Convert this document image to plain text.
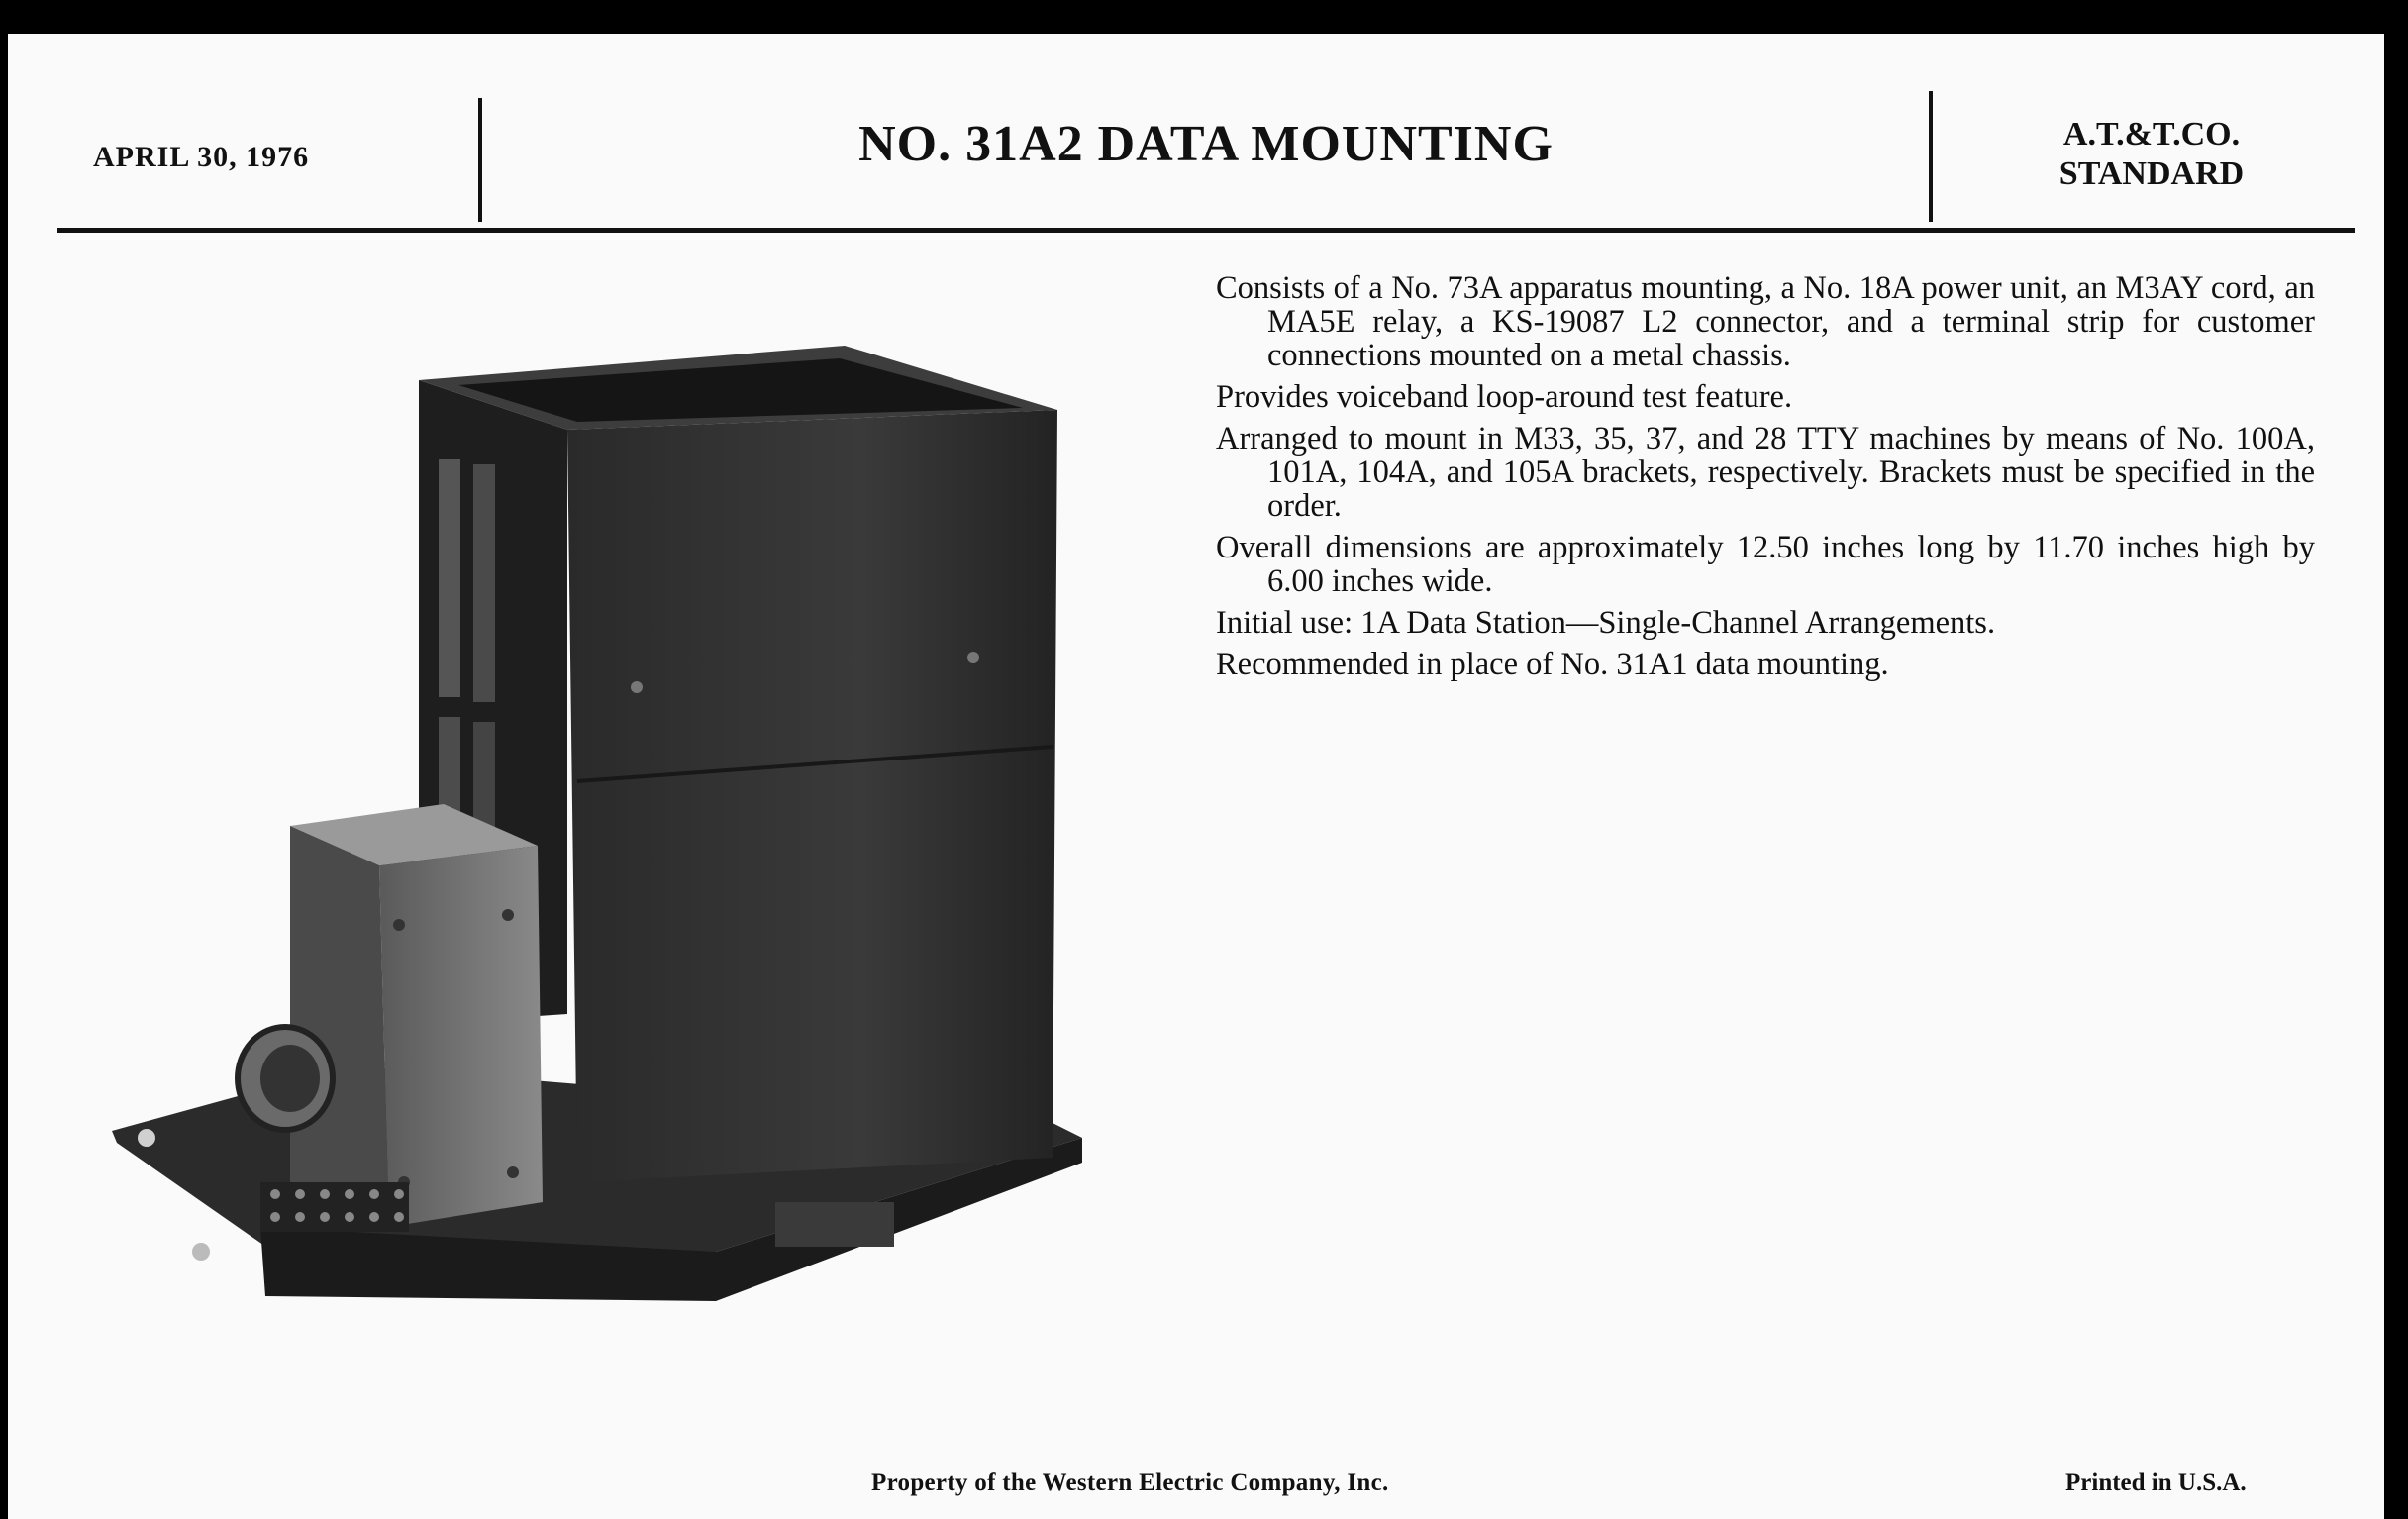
APRIL 30, 1976	NO. 31A2 DATA MOUNTING	A.T.&T.CO.
STANDARD

Consists of a No. 73A apparatus mounting, a No. 18A power unit, an M3AY cord, an MA5E relay, a KS-19087 L2 connector, and a terminal strip for customer connections mounted on a metal chassis.

Provides voiceband loop-around test feature.

Arranged to mount in M33, 35, 37, and 28 TTY machines by means of No. 100A, 101A, 104A, and 105A brackets, respectively. Brackets must be specified in the order.

Overall dimensions are approximately 12.50 inches long by 11.70 inches high by 6.00 inches wide.

Initial use: 1A Data Station—Single-Channel Arrangements.

Recommended in place of No. 31A1 data mounting.

Property of the Western Electric Company, Inc.	Printed in U.S.A.
